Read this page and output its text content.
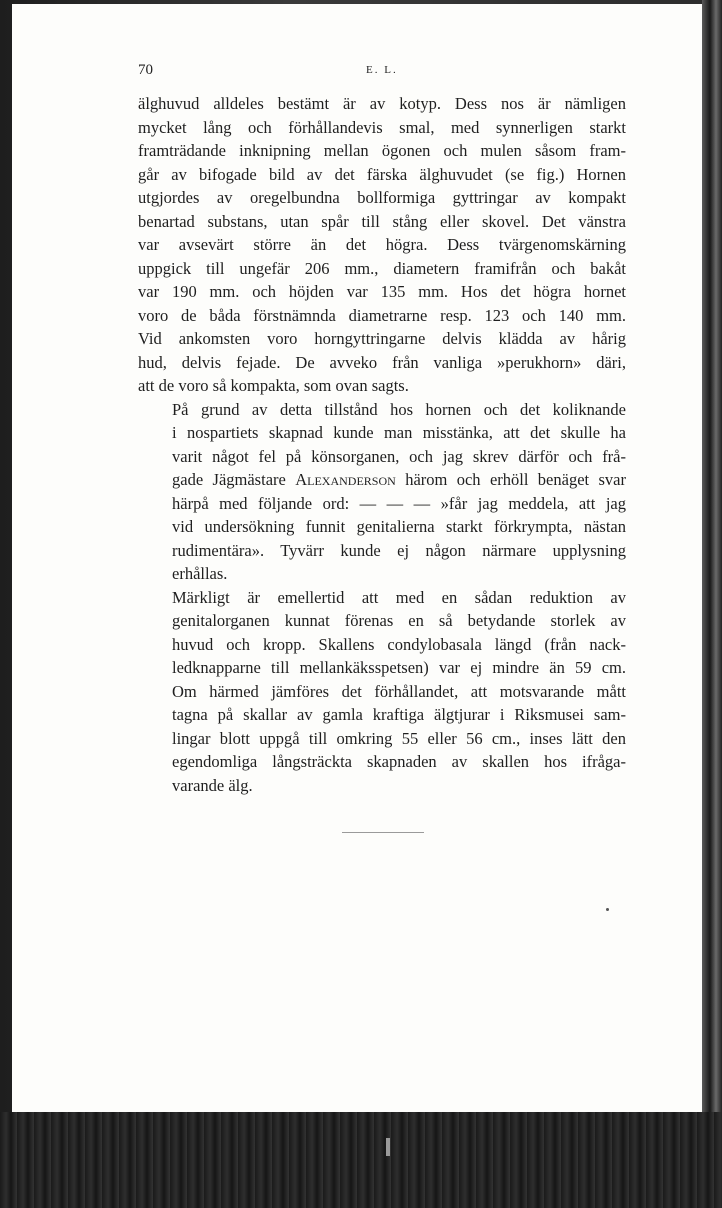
70	E. L.

älghuvud alldeles bestämt är av kotyp. Dess nos är nämligen
mycket lång och förhållandevis smal, med synnerligen starkt
framträdande inknipning mellan ögonen och mulen såsom fram-
går av bifogade bild av det färska älghuvudet (se fig.) Hornen
utgjordes av oregelbundna bollformiga gyttringar av kompakt
benartad substans, utan spår till stång eller skovel. Det vänstra
var avsevärt större än det högra. Dess tvärgenomskärning
uppgick till ungefär 206 mm., diametern framifrån och bakåt
var 190 mm. och höjden var 135 mm. Hos det högra hornet
voro de båda förstnämnda diametrarne resp. 123 och 140 mm.
Vid ankomsten voro horngyttringarne delvis klädda av hårig
hud, delvis fejade. De avveko från vanliga »perukhorn» däri,
att de voro så kompakta, som ovan sagts.

På grund av detta tillstånd hos hornen och det koliknande
i nospartiets skapnad kunde man misstänka, att det skulle ha
varit något fel på könsorganen, och jag skrev därför och frå-
gade Jägmästare Alexanderson härom och erhöll benäget svar
härpå med följande ord: — — — »får jag meddela, att jag
vid undersökning funnit genitalierna starkt förkrympta, nästan
rudimentära». Tyvärr kunde ej någon närmare upplysning
erhållas.

Märkligt är emellertid att med en sådan reduktion av
genitalorganen kunnat förenas en så betydande storlek av
huvud och kropp. Skallens condylobasala längd (från nack-
ledknapparne till mellankäksspetsen) var ej mindre än 59 cm.
Om härmed jämföres det förhållandet, att motsvarande mått
tagna på skallar av gamla kraftiga älgtjurar i Riksmusei sam-
lingar blott uppgå till omkring 55 eller 56 cm., inses lätt den
egendomliga långsträckta skapnaden av skallen hos ifråga-
varande älg.
